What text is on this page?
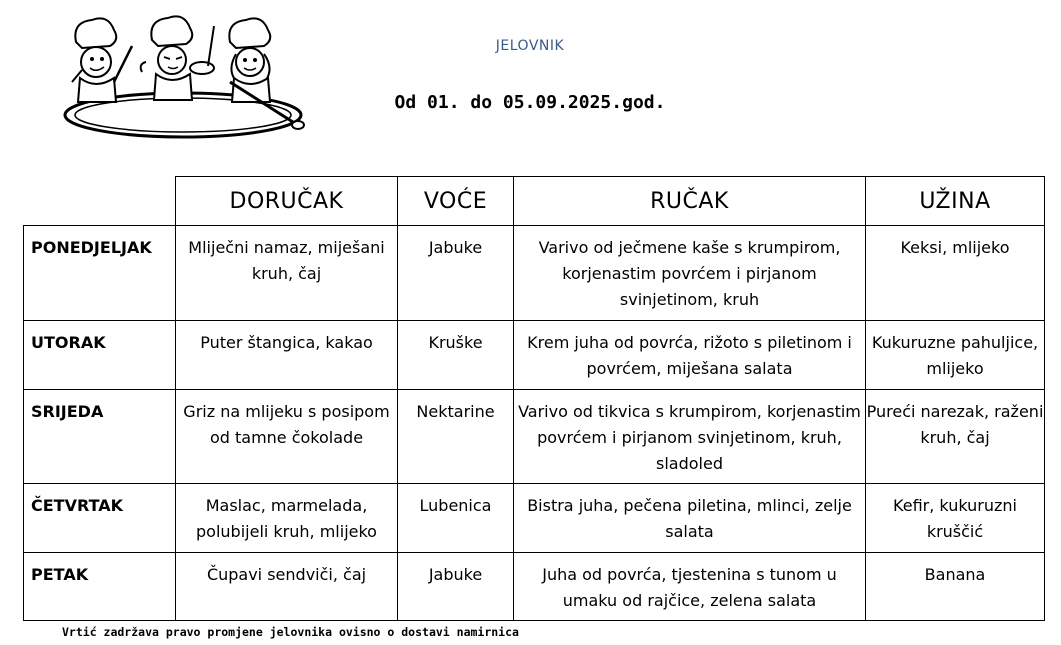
JELOVNIK
Od 01. do 05.09.2025.god.
	DORUČAK	VOĆE	RUČAK	UŽINA
PONEDJELJAK	Mliječni namaz, miješani kruh, čaj	Jabuke	Varivo od ječmene kaše s krumpirom, korjenastim povrćem i pirjanom svinjetinom, kruh	Keksi, mlijeko
UTORAK	Puter štangica, kakao	Kruške	Krem juha od povrća, rižoto s piletinom i povrćem, miješana salata	Kukuruzne pahuljice, mlijeko
SRIJEDA	Griz na mlijeku s posipom od tamne čokolade	Nektarine	Varivo od tikvica s krumpirom, korjenastim povrćem i pirjanom svinjetinom, kruh, sladoled	Pureći narezak, raženi kruh, čaj
ČETVRTAK	Maslac, marmelada, polubijeli kruh, mlijeko	Lubenica	Bistra juha, pečena piletina, mlinci, zelje salata	Kefir, kukuruzni kruščić
PETAK	Čupavi sendviči, čaj	Jabuke	Juha od povrća, tjestenina s tunom u umaku od rajčice, zelena salata	Banana
Vrtić zadržava pravo promjene jelovnika ovisno o dostavi namirnica
